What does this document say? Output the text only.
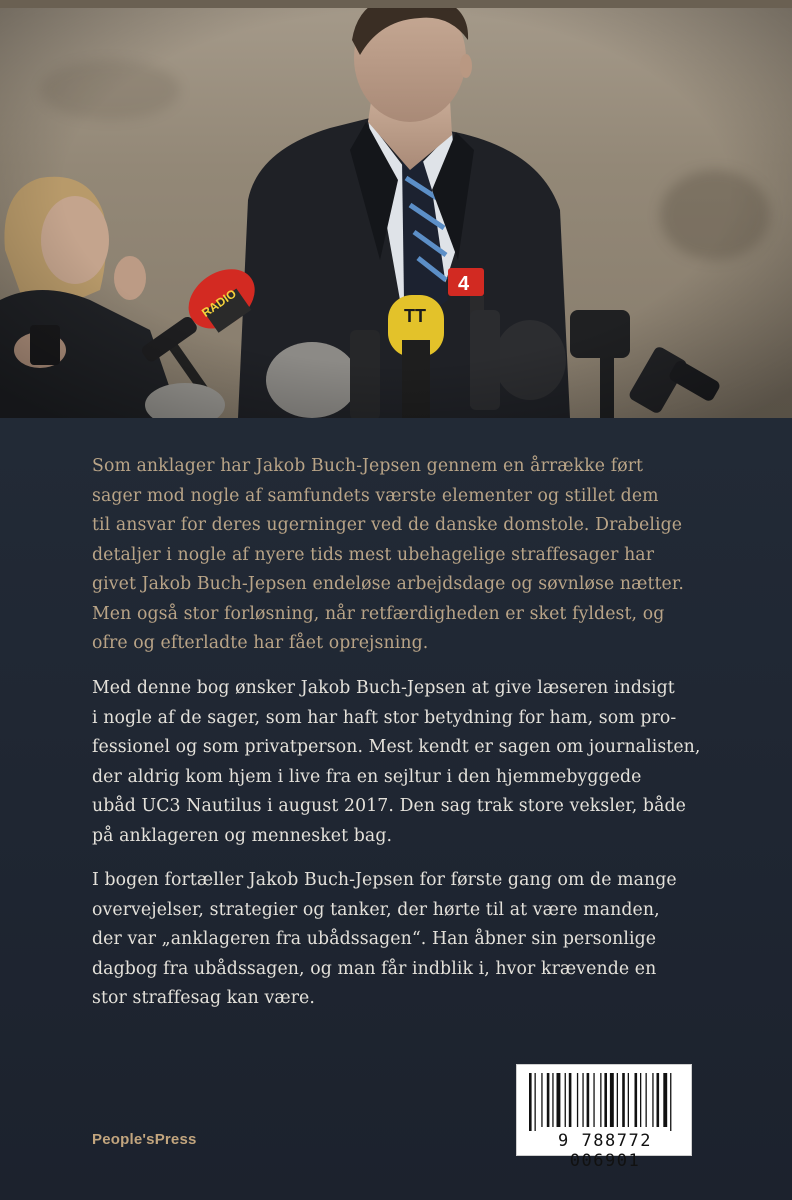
Som anklager har Jakob Buch-Jepsen gennem en årrække ført
sager mod nogle af samfundets værste elementer og stillet dem
til ansvar for deres ugerninger ved de danske domstole. Drabelige
detaljer i nogle af nyere tids mest ubehagelige straffesager har
givet Jakob Buch-Jepsen endeløse arbejdsdage og søvnløse nætter.
Men også stor forløsning, når retfærdigheden er sket fyldest, og
ofre og efterladte har fået oprejsning.
Med denne bog ønsker Jakob Buch-Jepsen at give læseren indsigt
i nogle af de sager, som har haft stor betydning for ham, som pro-
fessionel og som privatperson. Mest kendt er sagen om journalisten,
der aldrig kom hjem i live fra en sejltur i den hjemmebyggede
ubåd UC3 Nautilus i august 2017. Den sag trak store veksler, både
på anklageren og mennesket bag.
I bogen fortæller Jakob Buch-Jepsen for første gang om de mange
overvejelser, strategier og tanker, der hørte til at være manden,
der var „anklageren fra ubådssagen“. Han åbner sin personlige
dagbog fra ubådssagen, og man får indblik i, hvor krævende en
stor straffesag kan være.
People'sPress	9 788772 006901
